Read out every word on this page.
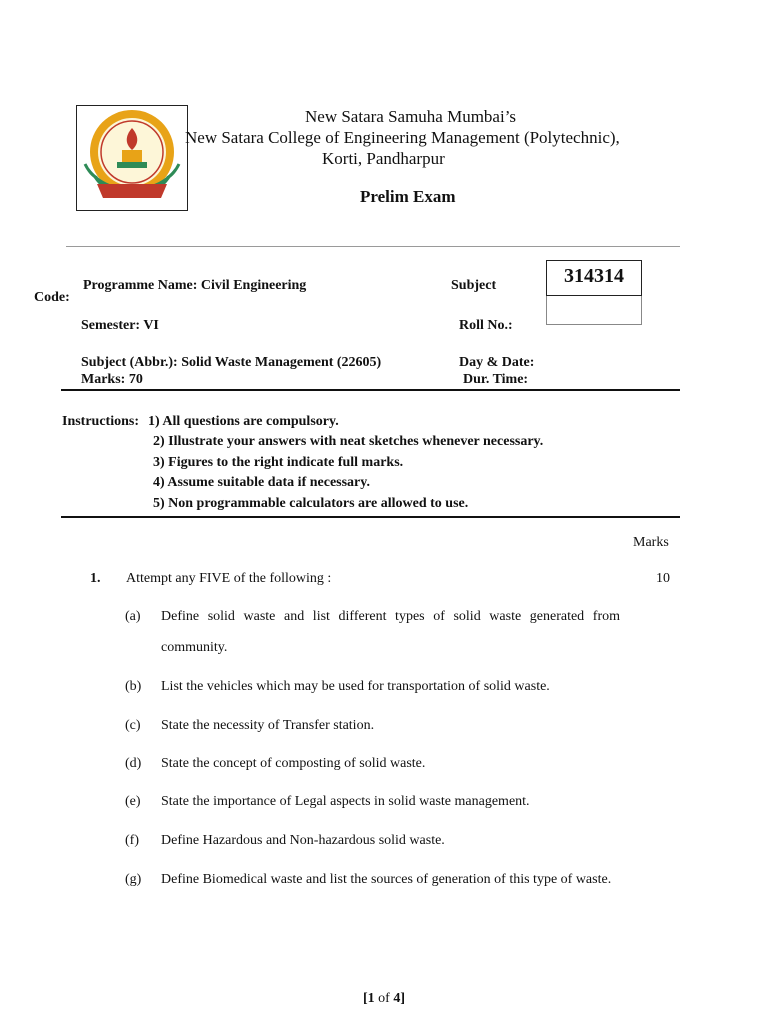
New Satara Samuha Mumbai’s
New Satara College of Engineering Management (Polytechnic),
Korti, Pandharpur
Prelim Exam
Programme Name: Civil Engineering
Code:
Subject	314314
Semester: VI	Roll No.:
Subject (Abbr.): Solid Waste Management (22605)	Day & Date:
Marks: 70	Dur. Time:
Instructions: 1) All questions are compulsory.
2) Illustrate your answers with neat sketches whenever necessary.
3) Figures to the right indicate full marks.
4) Assume suitable data if necessary.
5) Non programmable calculators are allowed to use.
Marks
1. Attempt any FIVE of the following :	10
(a)	Define solid waste and list different types of solid waste generated from community.
(b)	List the vehicles which may be used for transportation of solid waste.
(c)	State the necessity of Transfer station.
(d)	State the concept of composting of solid waste.
(e)	State the importance of Legal aspects in solid waste management.
(f)	Define Hazardous and Non-hazardous solid waste.
(g)	Define Biomedical waste and list the sources of generation of this type of waste.
[1 of 4]
